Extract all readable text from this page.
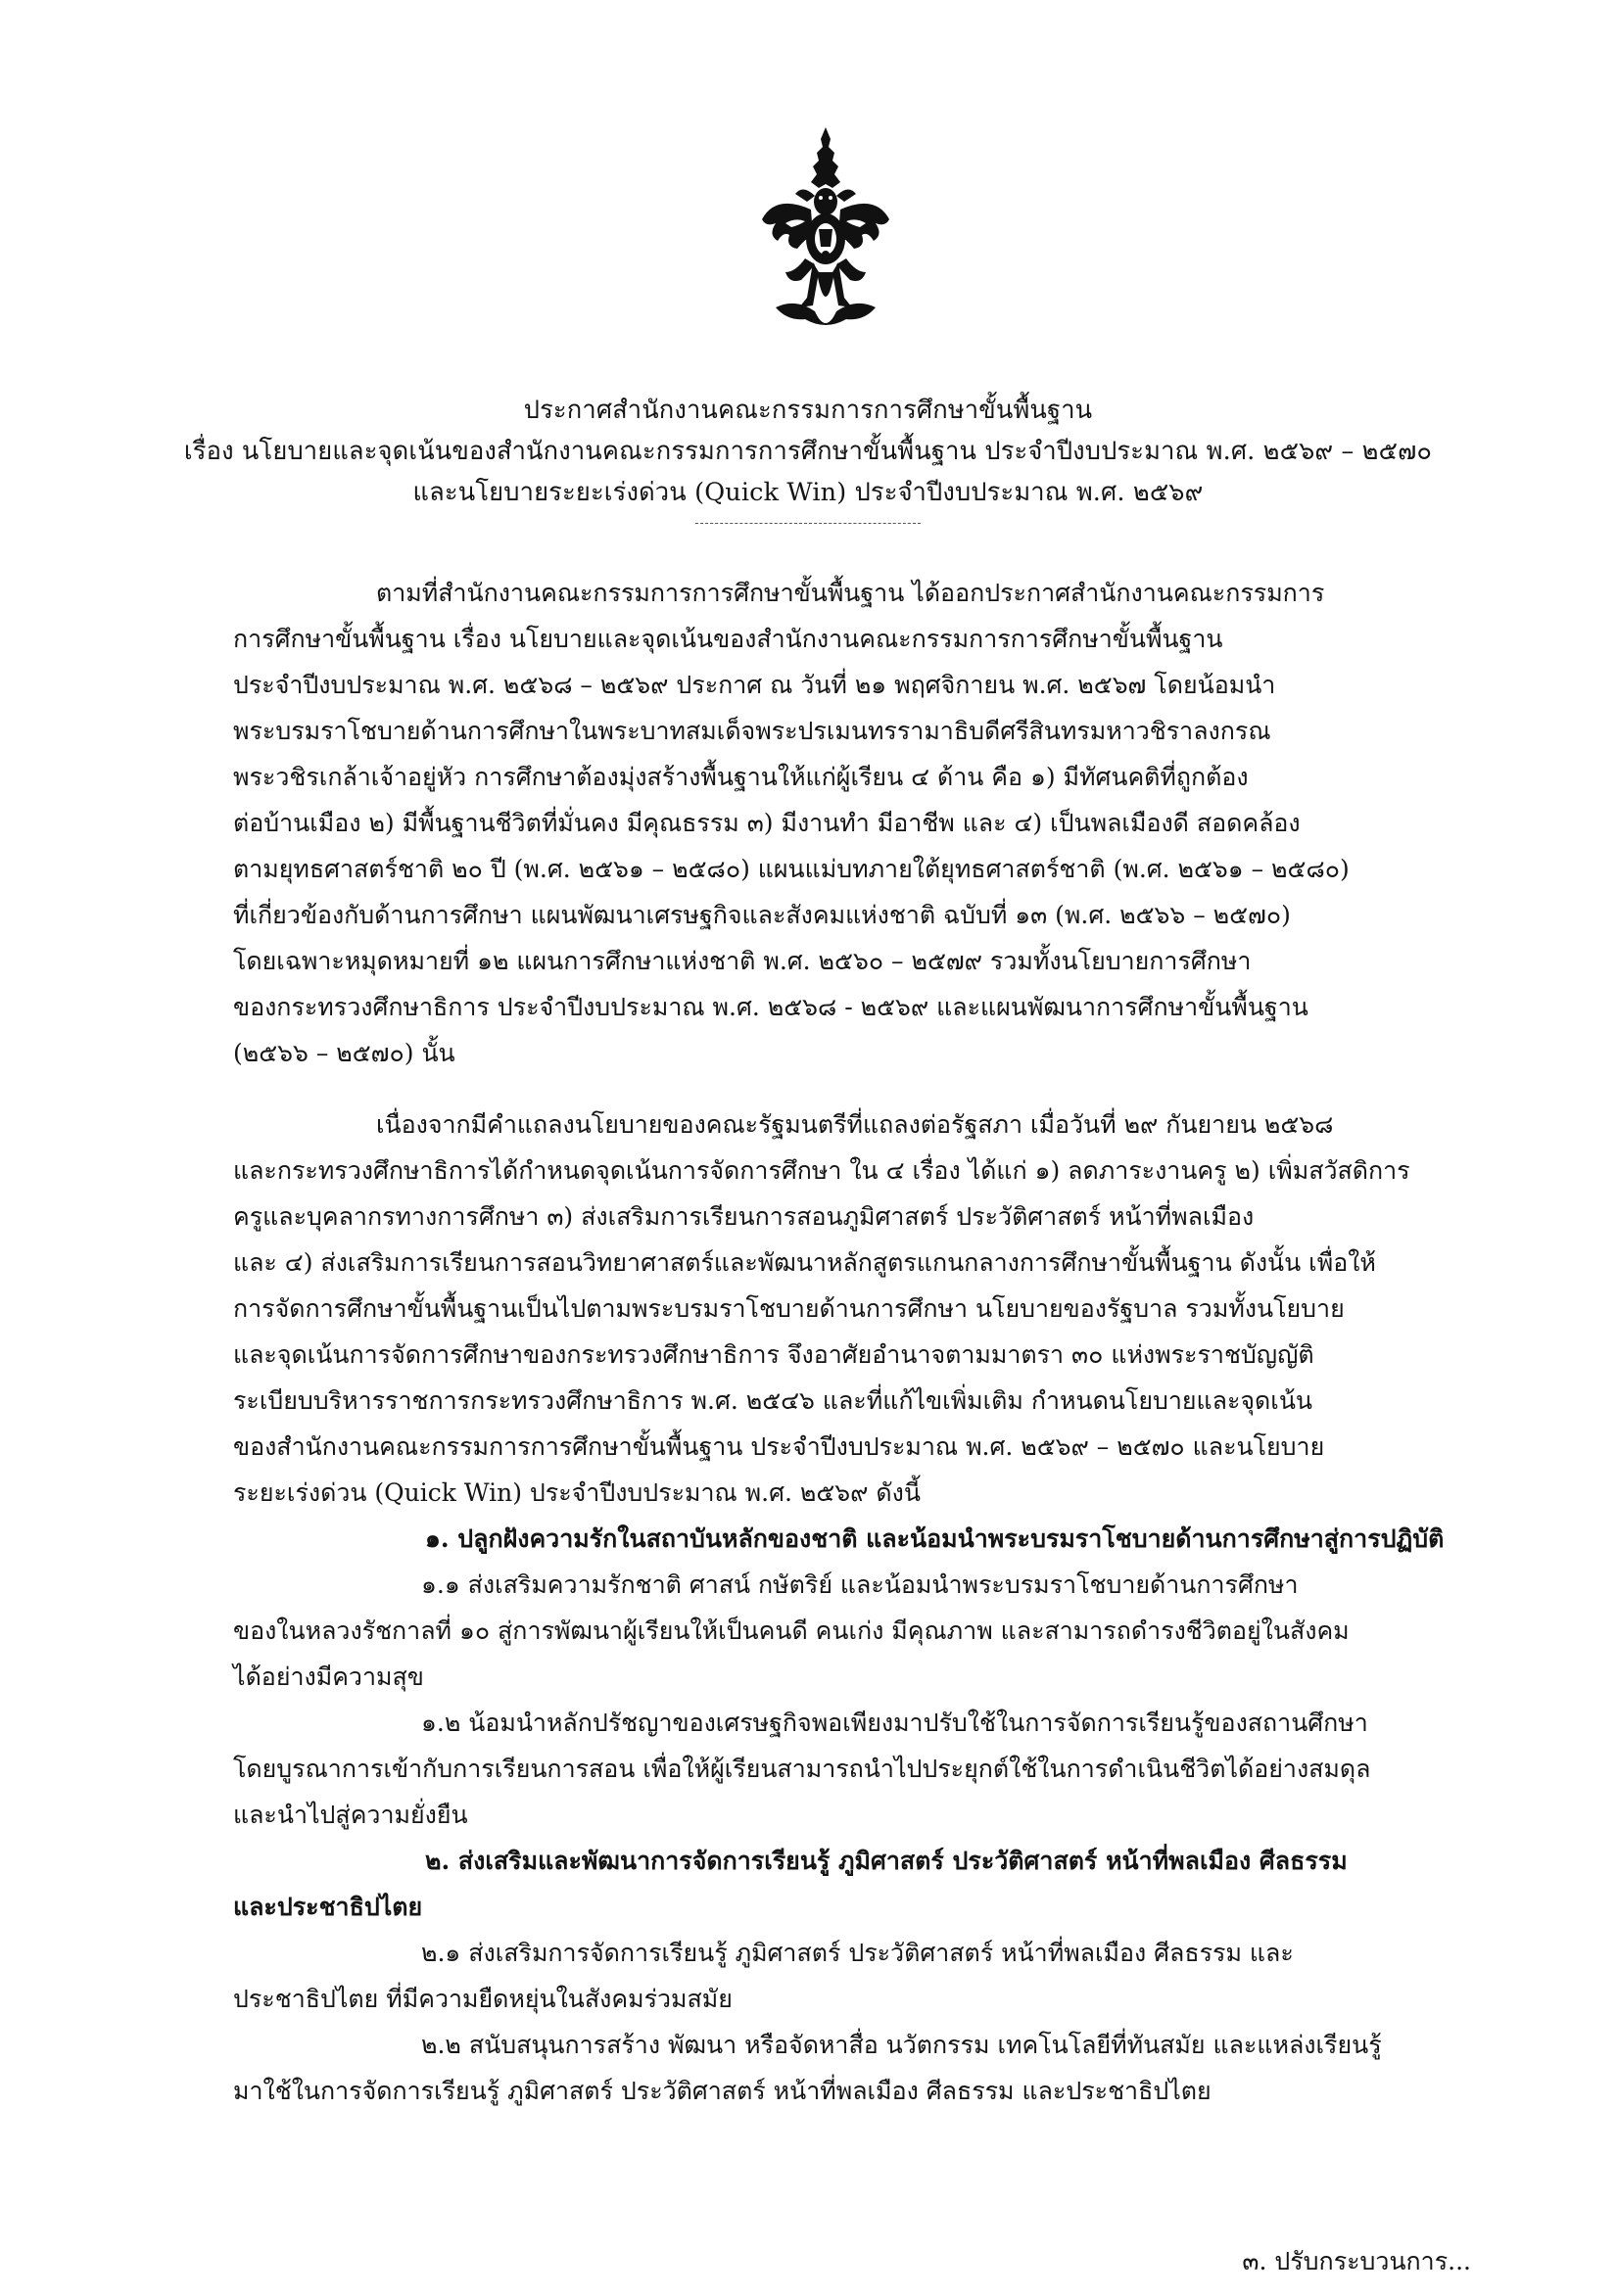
ประกาศสำนักงานคณะกรรมการการศึกษาขั้นพื้นฐาน
เรื่อง นโยบายและจุดเน้นของสำนักงานคณะกรรมการการศึกษาขั้นพื้นฐาน ประจำปีงบประมาณ พ.ศ. ๒๕๖๙ – ๒๕๗๐
และนโยบายระยะเร่งด่วน (Quick Win) ประจำปีงบประมาณ พ.ศ. ๒๕๖๙
ตามที่สำนักงานคณะกรรมการการศึกษาขั้นพื้นฐาน ได้ออกประกาศสำนักงานคณะกรรมการ
การศึกษาขั้นพื้นฐาน เรื่อง นโยบายและจุดเน้นของสำนักงานคณะกรรมการการศึกษาขั้นพื้นฐาน
ประจำปีงบประมาณ พ.ศ. ๒๕๖๘ – ๒๕๖๙ ประกาศ ณ วันที่ ๒๑ พฤศจิกายน พ.ศ. ๒๕๖๗ โดยน้อมนำ
พระบรมราโชบายด้านการศึกษาในพระบาทสมเด็จพระปรเมนทรรามาธิบดีศรีสินทรมหาวชิราลงกรณ
พระวชิรเกล้าเจ้าอยู่หัว การศึกษาต้องมุ่งสร้างพื้นฐานให้แก่ผู้เรียน ๔ ด้าน คือ ๑) มีทัศนคติที่ถูกต้อง
ต่อบ้านเมือง ๒) มีพื้นฐานชีวิตที่มั่นคง มีคุณธรรม ๓) มีงานทำ มีอาชีพ และ ๔) เป็นพลเมืองดี สอดคล้อง
ตามยุทธศาสตร์ชาติ ๒๐ ปี (พ.ศ. ๒๕๖๑ – ๒๕๘๐) แผนแม่บทภายใต้ยุทธศาสตร์ชาติ (พ.ศ. ๒๕๖๑ – ๒๕๘๐)
ที่เกี่ยวข้องกับด้านการศึกษา แผนพัฒนาเศรษฐกิจและสังคมแห่งชาติ ฉบับที่ ๑๓ (พ.ศ. ๒๕๖๖ – ๒๕๗๐)
โดยเฉพาะหมุดหมายที่ ๑๒ แผนการศึกษาแห่งชาติ พ.ศ. ๒๕๖๐ – ๒๕๗๙ รวมทั้งนโยบายการศึกษา
ของกระทรวงศึกษาธิการ ประจำปีงบประมาณ พ.ศ. ๒๕๖๘ - ๒๕๖๙ และแผนพัฒนาการศึกษาขั้นพื้นฐาน
(๒๕๖๖ – ๒๕๗๐) นั้น
เนื่องจากมีคำแถลงนโยบายของคณะรัฐมนตรีที่แถลงต่อรัฐสภา เมื่อวันที่ ๒๙ กันยายน ๒๕๖๘
และกระทรวงศึกษาธิการได้กำหนดจุดเน้นการจัดการศึกษา ใน ๔ เรื่อง ได้แก่ ๑) ลดภาระงานครู ๒) เพิ่มสวัสดิการ
ครูและบุคลากรทางการศึกษา ๓) ส่งเสริมการเรียนการสอนภูมิศาสตร์ ประวัติศาสตร์ หน้าที่พลเมือง
และ ๔) ส่งเสริมการเรียนการสอนวิทยาศาสตร์และพัฒนาหลักสูตรแกนกลางการศึกษาขั้นพื้นฐาน ดังนั้น เพื่อให้
การจัดการศึกษาขั้นพื้นฐานเป็นไปตามพระบรมราโชบายด้านการศึกษา นโยบายของรัฐบาล รวมทั้งนโยบาย
และจุดเน้นการจัดการศึกษาของกระทรวงศึกษาธิการ จึงอาศัยอำนาจตามมาตรา ๓๐ แห่งพระราชบัญญัติ
ระเบียบบริหารราชการกระทรวงศึกษาธิการ พ.ศ. ๒๕๔๖ และที่แก้ไขเพิ่มเติม กำหนดนโยบายและจุดเน้น
ของสำนักงานคณะกรรมการการศึกษาขั้นพื้นฐาน ประจำปีงบประมาณ พ.ศ. ๒๕๖๙ – ๒๕๗๐ และนโยบาย
ระยะเร่งด่วน (Quick Win) ประจำปีงบประมาณ พ.ศ. ๒๕๖๙ ดังนี้
๑. ปลูกฝังความรักในสถาบันหลักของชาติ และน้อมนำพระบรมราโชบายด้านการศึกษาสู่การปฏิบัติ
๑.๑ ส่งเสริมความรักชาติ ศาสน์ กษัตริย์ และน้อมนำพระบรมราโชบายด้านการศึกษา
ของในหลวงรัชกาลที่ ๑๐ สู่การพัฒนาผู้เรียนให้เป็นคนดี คนเก่ง มีคุณภาพ และสามารถดำรงชีวิตอยู่ในสังคม
ได้อย่างมีความสุข
๑.๒ น้อมนำหลักปรัชญาของเศรษฐกิจพอเพียงมาปรับใช้ในการจัดการเรียนรู้ของสถานศึกษา
โดยบูรณาการเข้ากับการเรียนการสอน เพื่อให้ผู้เรียนสามารถนำไปประยุกต์ใช้ในการดำเนินชีวิตได้อย่างสมดุล
และนำไปสู่ความยั่งยืน
๒. ส่งเสริมและพัฒนาการจัดการเรียนรู้ ภูมิศาสตร์ ประวัติศาสตร์ หน้าที่พลเมือง ศีลธรรม
และประชาธิปไตย
๒.๑ ส่งเสริมการจัดการเรียนรู้ ภูมิศาสตร์ ประวัติศาสตร์ หน้าที่พลเมือง ศีลธรรม และ
ประชาธิปไตย ที่มีความยืดหยุ่นในสังคมร่วมสมัย
๒.๒ สนับสนุนการสร้าง พัฒนา หรือจัดหาสื่อ นวัตกรรม เทคโนโลยีที่ทันสมัย และแหล่งเรียนรู้
มาใช้ในการจัดการเรียนรู้ ภูมิศาสตร์ ประวัติศาสตร์ หน้าที่พลเมือง ศีลธรรม และประชาธิปไตย
๓. ปรับกระบวนการ...
